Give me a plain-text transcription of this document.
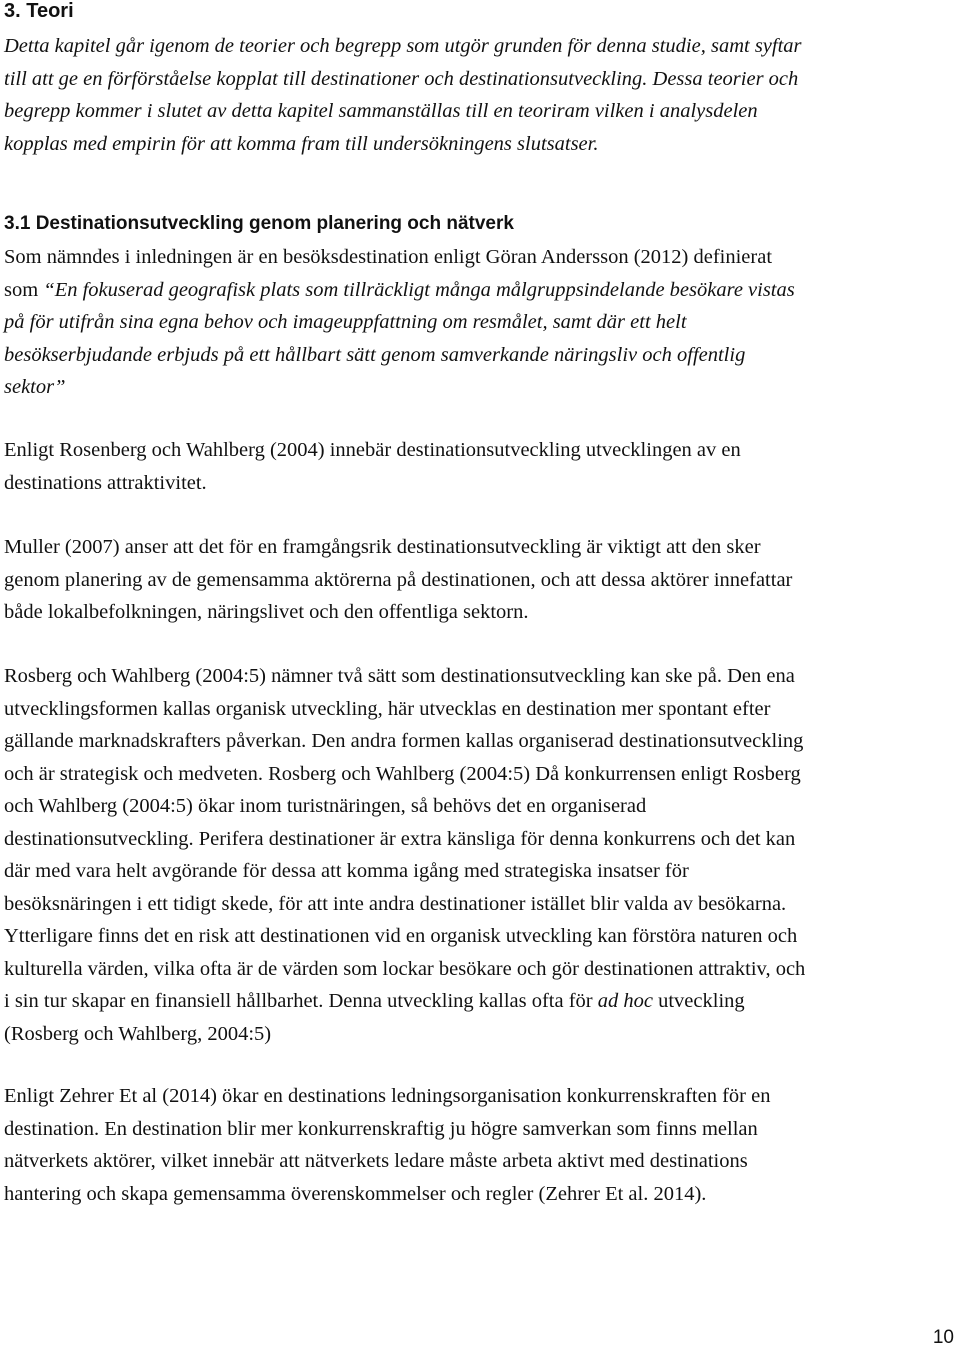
3. Teori

Detta kapitel går igenom de teorier och begrepp som utgör grunden för denna studie, samt syftar
till att ge en förförståelse kopplat till destinationer och destinationsutveckling. Dessa teorier och
begrepp kommer i slutet av detta kapitel sammanställas till en teoriram vilken i analysdelen
kopplas med empirin för att komma fram till undersökningens slutsatser.

3.1 Destinationsutveckling genom planering och nätverk

Som nämndes i inledningen är en besöksdestination enligt Göran Andersson (2012) definierat
som “En fokuserad geografisk plats som tillräckligt många målgruppsindelande besökare vistas
på för utifrån sina egna behov och imageuppfattning om resmålet, samt där ett helt
besökserbjudande erbjuds på ett hållbart sätt genom samverkande näringsliv och offentlig
sektor”

Enligt Rosenberg och Wahlberg (2004) innebär destinationsutveckling utvecklingen av en
destinations attraktivitet.

Muller (2007) anser att det för en framgångsrik destinationsutveckling är viktigt att den sker
genom planering av de gemensamma aktörerna på destinationen, och att dessa aktörer innefattar
både lokalbefolkningen, näringslivet och den offentliga sektorn.

Rosberg och Wahlberg (2004:5) nämner två sätt som destinationsutveckling kan ske på. Den ena
utvecklingsformen kallas organisk utveckling, här utvecklas en destination mer spontant efter
gällande marknadskrafters påverkan. Den andra formen kallas organiserad destinationsutveckling
och är strategisk och medveten. Rosberg och Wahlberg (2004:5) Då konkurrensen enligt Rosberg
och Wahlberg (2004:5) ökar inom turistnäringen, så behövs det en organiserad
destinationsutveckling. Perifera destinationer är extra känsliga för denna konkurrens och det kan
där med vara helt avgörande för dessa att komma igång med strategiska insatser för
besöksnäringen i ett tidigt skede, för att inte andra destinationer istället blir valda av besökarna.
Ytterligare finns det en risk att destinationen vid en organisk utveckling kan förstöra naturen och
kulturella värden, vilka ofta är de värden som lockar besökare och gör destinationen attraktiv, och
i sin tur skapar en finansiell hållbarhet. Denna utveckling kallas ofta för ad hoc utveckling
(Rosberg och Wahlberg, 2004:5)

Enligt Zehrer Et al (2014) ökar en destinations ledningsorganisation konkurrenskraften för en
destination. En destination blir mer konkurrenskraftig ju högre samverkan som finns mellan
nätverkets aktörer, vilket innebär att nätverkets ledare måste arbeta aktivt med destinations
hantering och skapa gemensamma överenskommelser och regler (Zehrer Et al. 2014).

10
